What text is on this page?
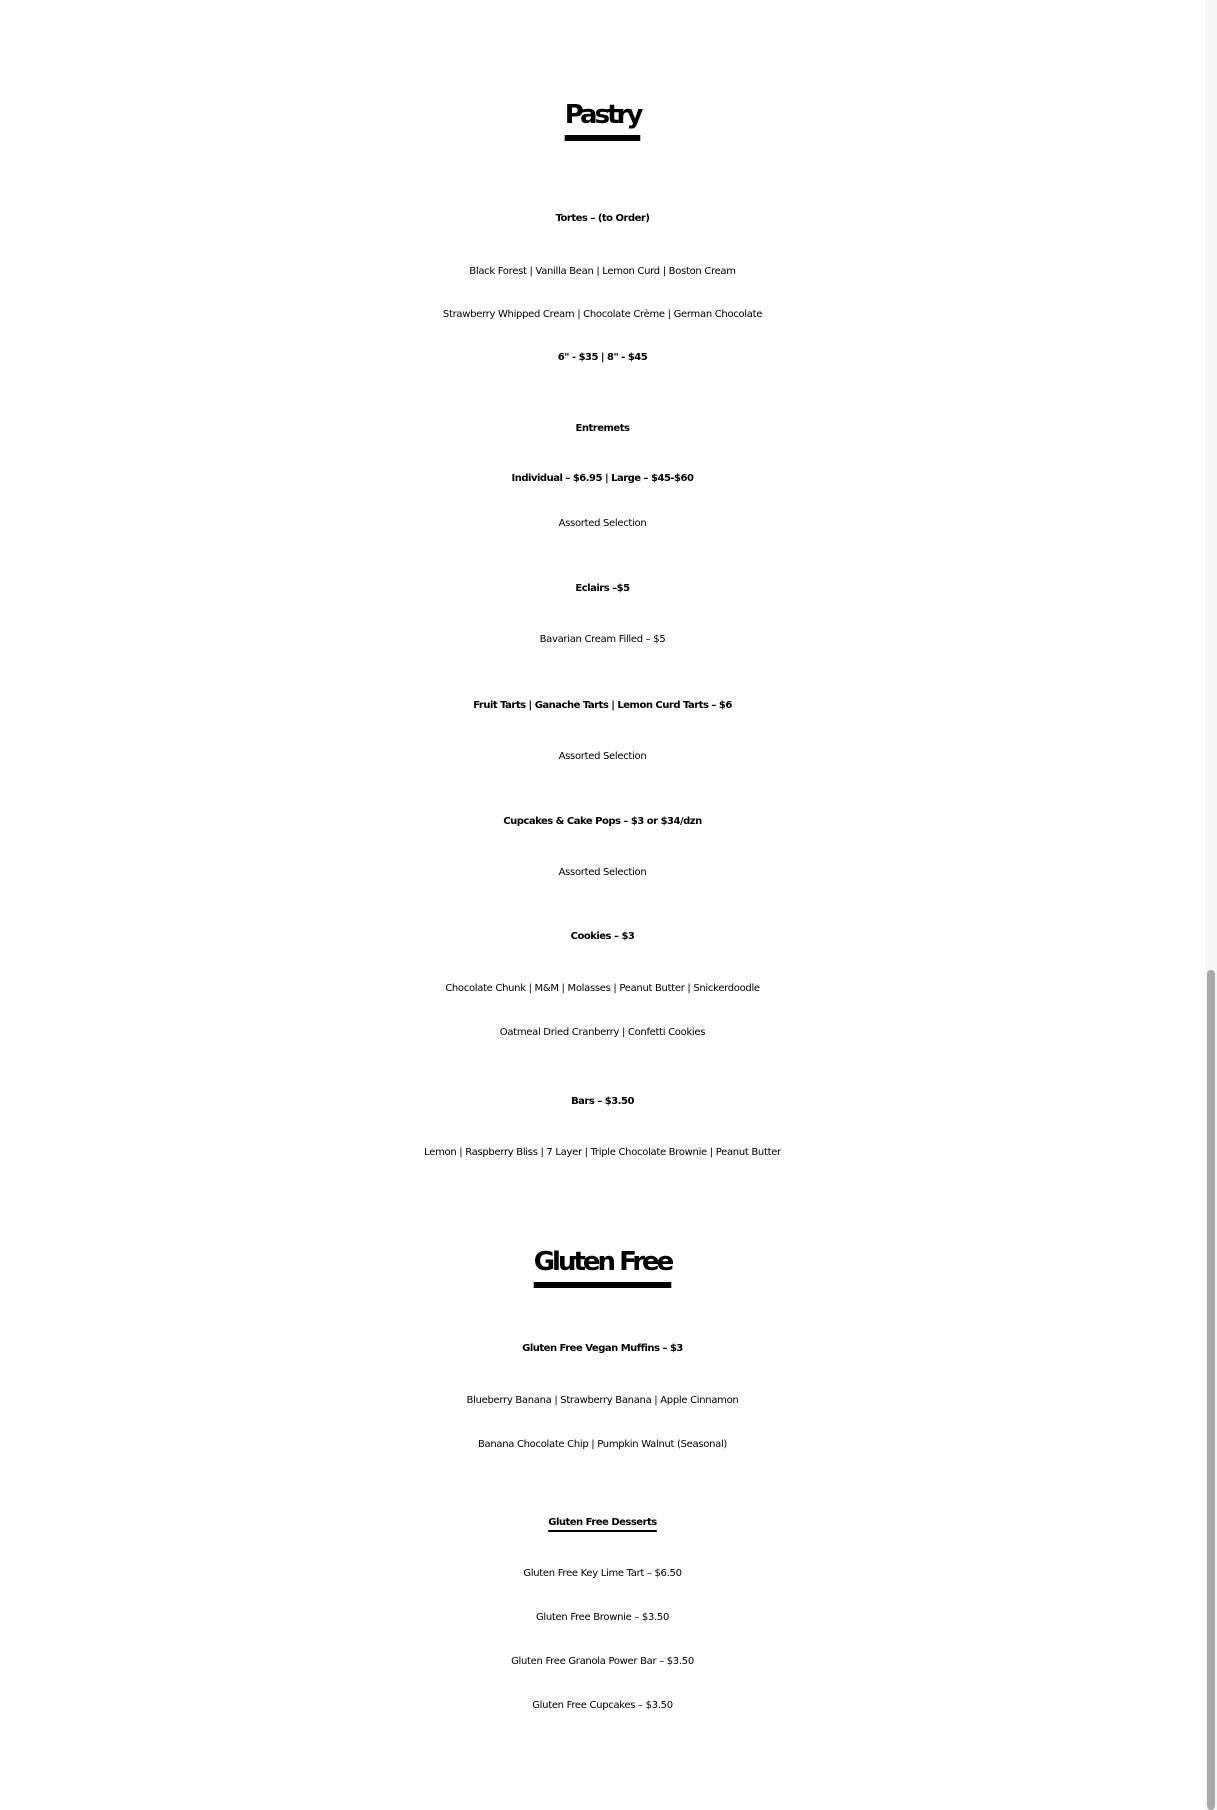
Pastry
Tortes – (to Order)
Black Forest | Vanilla Bean | Lemon Curd | Boston Cream
Strawberry Whipped Cream | Chocolate Crème | German Chocolate
6" - $35 | 8" - $45
Entremets
Individual – $6.95 | Large – $45-$60
Assorted Selection
Eclairs –$5
Bavarian Cream Filled – $5
Fruit Tarts | Ganache Tarts | Lemon Curd Tarts – $6
Assorted Selection
Cupcakes & Cake Pops – $3 or $34/dzn
Assorted Selection
Cookies – $3
Chocolate Chunk | M&M | Molasses | Peanut Butter | Snickerdoodle
Oatmeal Dried Cranberry | Confetti Cookies
Bars – $3.50
Lemon | Raspberry Bliss | 7 Layer | Triple Chocolate Brownie | Peanut Butter
Gluten Free
Gluten Free Vegan Muffins – $3
Blueberry Banana | Strawberry Banana | Apple Cinnamon
Banana Chocolate Chip | Pumpkin Walnut (Seasonal)
Gluten Free Desserts
Gluten Free Key Lime Tart – $6.50
Gluten Free Brownie – $3.50
Gluten Free Granola Power Bar – $3.50
Gluten Free Cupcakes – $3.50
